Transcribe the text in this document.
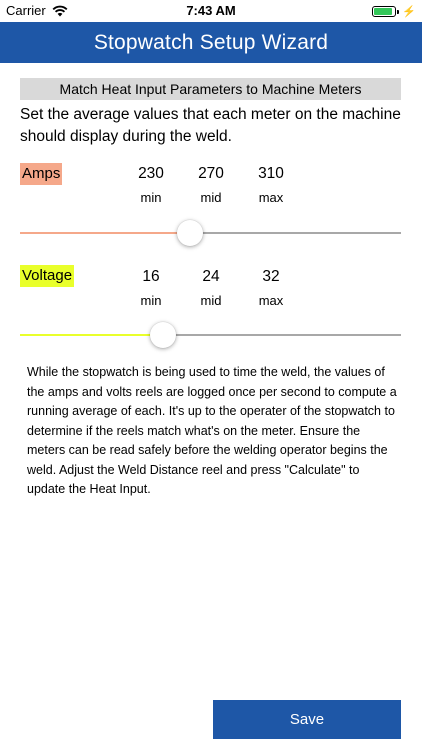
Carrier	7:43 AM	⚡
Stopwatch Setup Wizard
Match Heat Input Parameters to Machine Meters
Set the average values that each meter on the machine should display during the weld.
Amps	230	270	310
min	mid	max
Voltage	16	24	32
min	mid	max
While the stopwatch is being used to time the weld, the values of the amps and volts reels are logged once per second to compute a running average of each. It's up to the operater of the stopwatch to determine if the reels match what's on the meter. Ensure the meters can be read safely before the welding operator begins the weld. Adjust the Weld Distance reel and press "Calculate" to update the Heat Input.
Save
